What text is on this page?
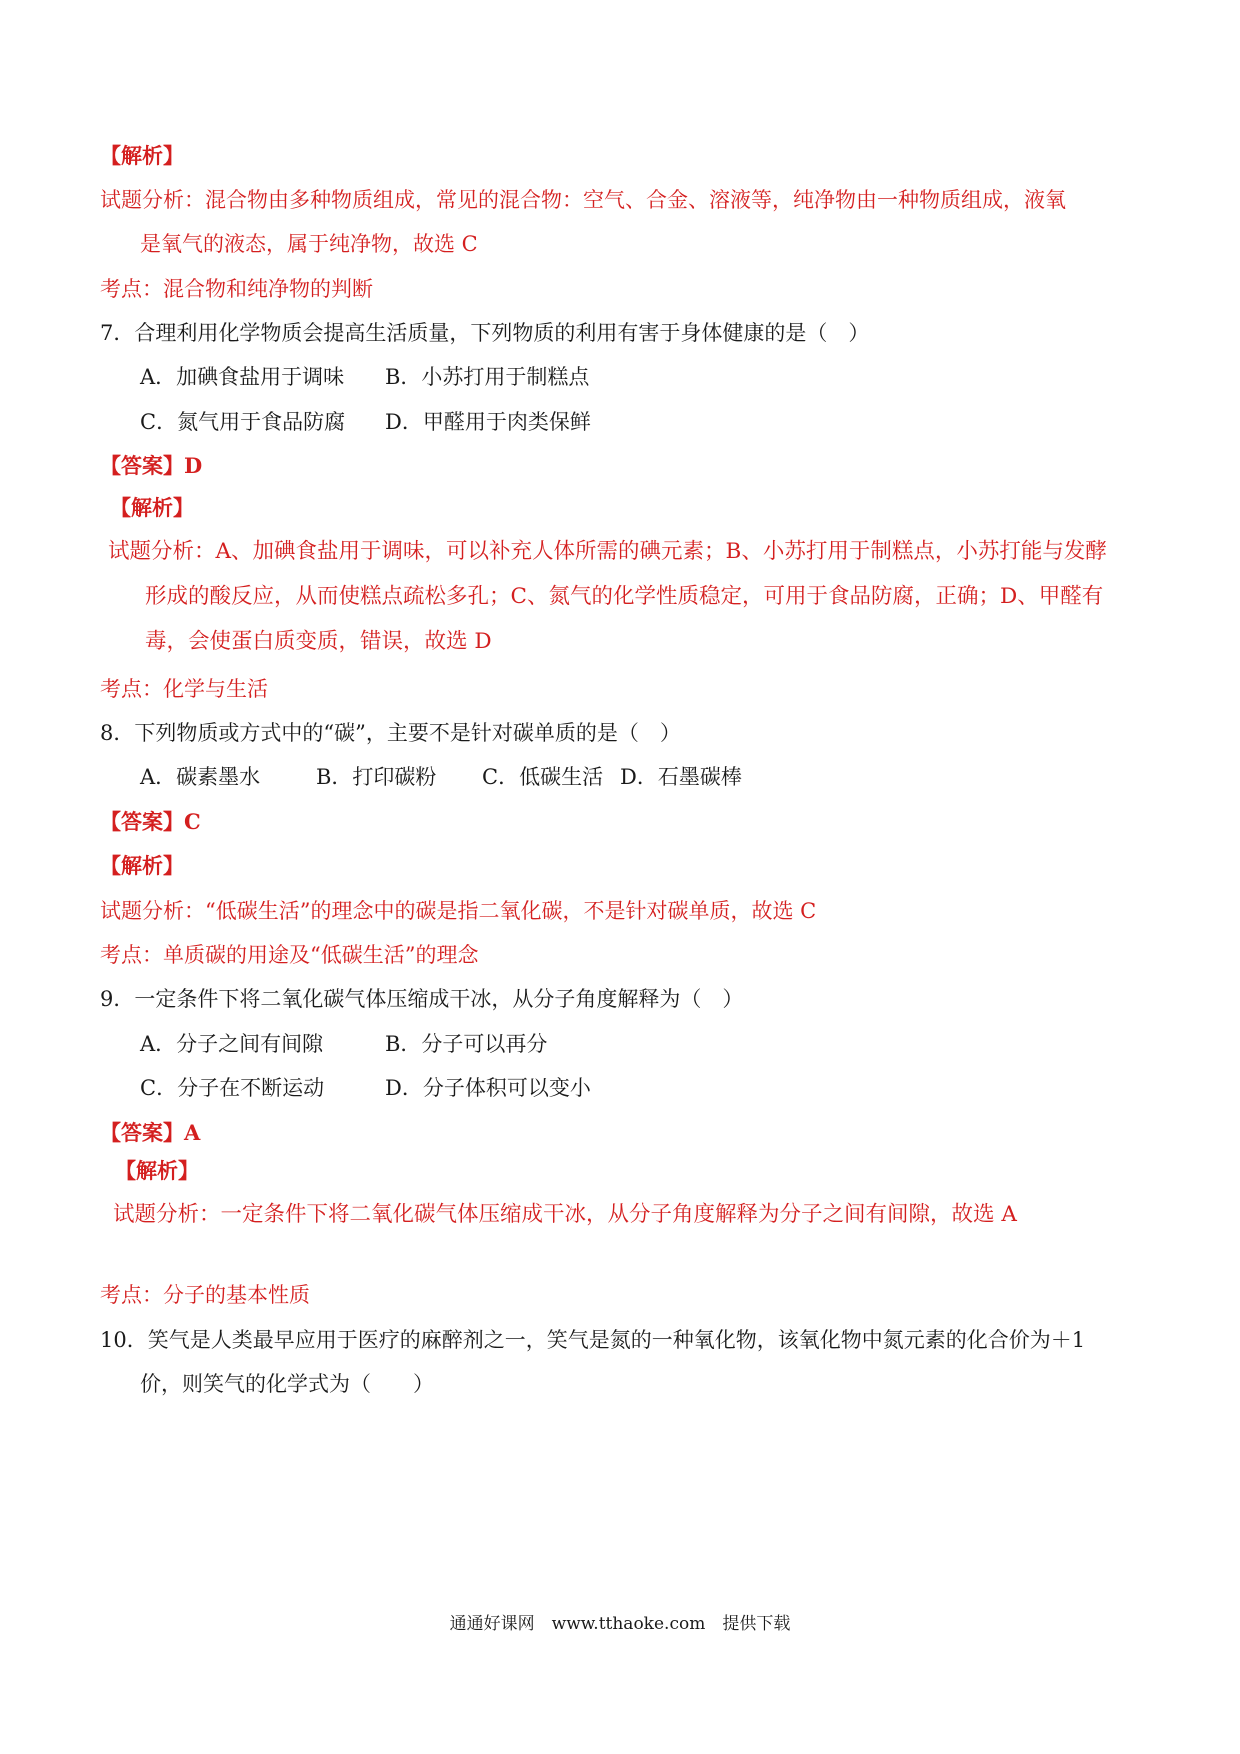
【解析】
试题分析：混合物由多种物质组成，常见的混合物：空气、合金、溶液等，纯净物由一种物质组成，液氧
是氧气的液态，属于纯净物，故选 C
考点：混合物和纯净物的判断
7．合理利用化学物质会提高生活质量，下列物质的利用有害于身体健康的是（　）
A．加碘食盐用于调味 B．小苏打用于制糕点
C．氮气用于食品防腐 D．甲醛用于肉类保鲜
【答案】D
【解析】
试题分析：A、加碘食盐用于调味，可以补充人体所需的碘元素；B、小苏打用于制糕点，小苏打能与发酵
形成的酸反应，从而使糕点疏松多孔；C、氮气的化学性质稳定，可用于食品防腐，正确；D、甲醛有
毒，会使蛋白质变质，错误，故选 D
考点：化学与生活
8．下列物质或方式中的“碳”，主要不是针对碳单质的是（　）
A．碳素墨水	B．打印碳粉 C．低碳生活 D．石墨碳棒
【答案】C
【解析】
试题分析：“低碳生活”的理念中的碳是指二氧化碳，不是针对碳单质，故选 C
考点：单质碳的用途及“低碳生活”的理念
9．一定条件下将二氧化碳气体压缩成干冰，从分子角度解释为（　）
A．分子之间有间隙	B．分子可以再分
C．分子在不断运动	D．分子体积可以变小
【答案】A
【解析】
试题分析：一定条件下将二氧化碳气体压缩成干冰，从分子角度解释为分子之间有间隙，故选 A
考点：分子的基本性质
10．笑气是人类最早应用于医疗的麻醉剂之一，笑气是氮的一种氧化物，该氧化物中氮元素的化合价为＋1
价，则笑气的化学式为（　　）
通通好课网　www.tthaoke.com　提供下载
